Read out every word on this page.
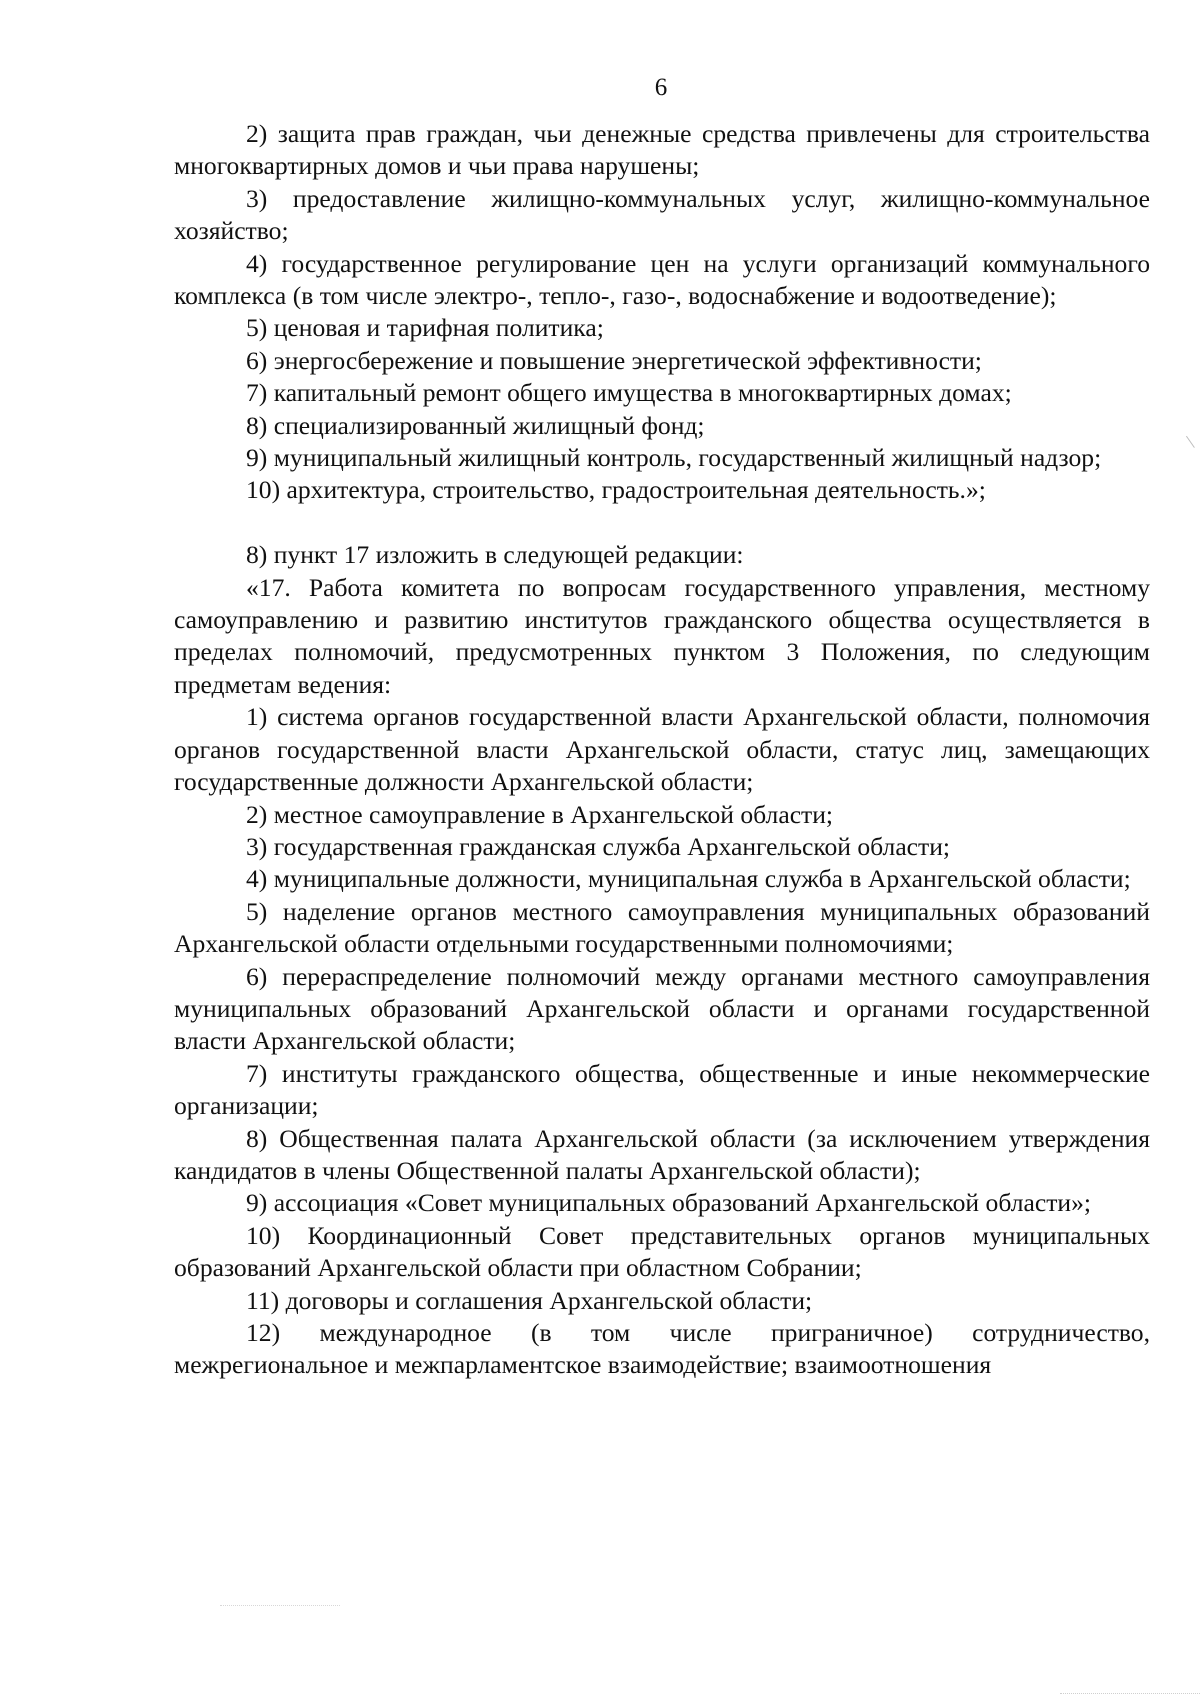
6

2) защита прав граждан, чьи денежные средства привлечены для строительства многоквартирных домов и чьи права нарушены;

3) предоставление жилищно-коммунальных услуг, жилищно-коммунальное хозяйство;

4) государственное регулирование цен на услуги организаций коммунального комплекса (в том числе электро-, тепло-, газо-, водоснабжение и водоотведение);

5) ценовая и тарифная политика;

6) энергосбережение и повышение энергетической эффективности;

7) капитальный ремонт общего имущества в многоквартирных домах;

8) специализированный жилищный фонд;

9) муниципальный жилищный контроль, государственный жилищный надзор;

10) архитектура, строительство, градостроительная деятельность.»;

8) пункт 17 изложить в следующей редакции:

«17. Работа комитета по вопросам государственного управления, местному самоуправлению и развитию институтов гражданского общества осуществляется в пределах полномочий, предусмотренных пунктом 3 Положения, по следующим предметам ведения:

1) система органов государственной власти Архангельской области, полномочия органов государственной власти Архангельской области, статус лиц, замещающих государственные должности Архангельской области;

2) местное самоуправление в Архангельской области;

3) государственная гражданская служба Архангельской области;

4) муниципальные должности, муниципальная служба в Архангельской области;

5) наделение органов местного самоуправления муниципальных образований Архангельской области отдельными государственными полномочиями;

6) перераспределение полномочий между органами местного самоуправления муниципальных образований Архангельской области и органами государственной власти Архангельской области;

7) институты гражданского общества, общественные и иные некоммерческие организации;

8) Общественная палата Архангельской области (за исключением утверждения кандидатов в члены Общественной палаты Архангельской области);

9) ассоциация «Совет муниципальных образований Архангельской области»;

10) Координационный Совет представительных органов муниципальных образований Архангельской области при областном Собрании;

11) договоры и соглашения Архангельской области;

12) международное (в том числе приграничное) сотрудничество, межрегиональное и межпарламентское взаимодействие; взаимоотношения
